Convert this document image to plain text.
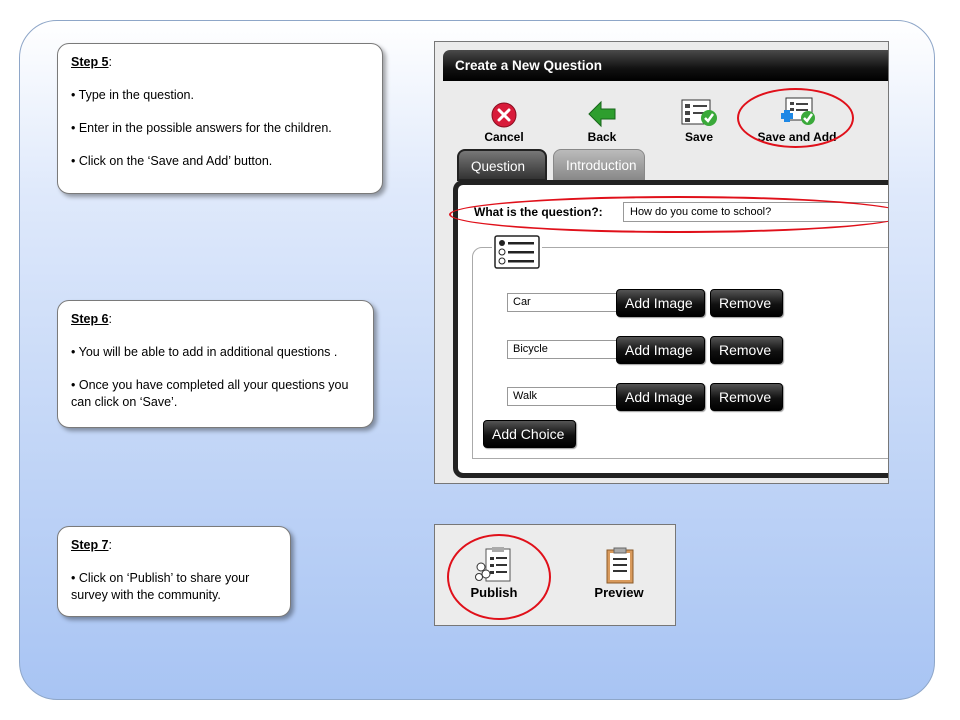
Step 5:

• Type in the question.

• Enter in the possible answers for the children.

• Click on the ‘Save and Add’ button.

Step 6:

• You will be able to add in additional questions .

• Once you have completed all your questions you can click on ‘Save’.

Step 7:

• Click on ‘Publish’ to share your survey with the community.

Create a New Question
Cancel	Back	Save	Save and Add
Question	Introduction
What is the question?:	How do you come to school?
Car	Add Image	Remove
Bicycle	Add Image	Remove
Walk	Add Image	Remove
Add Choice
Publish	Preview
